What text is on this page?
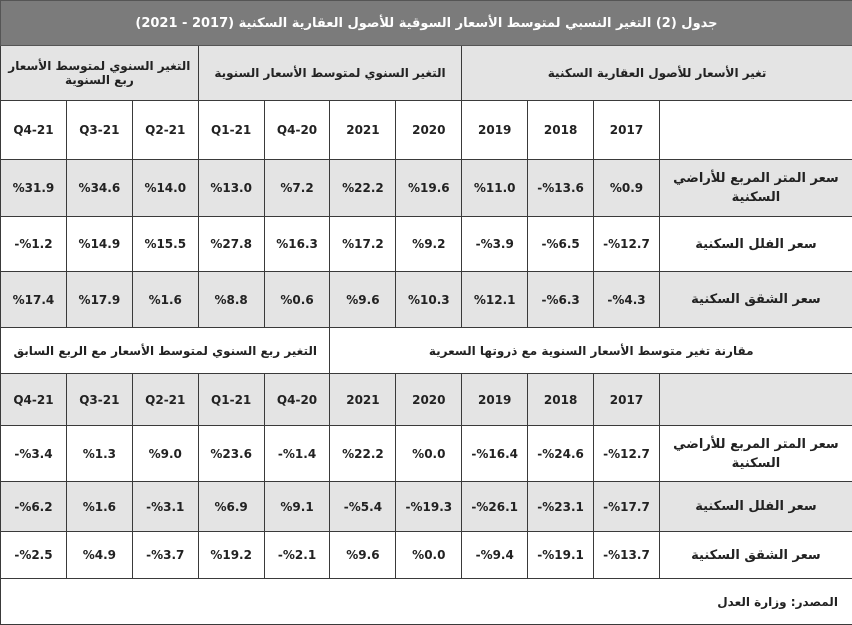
جدول (2) التغير النسبي لمتوسط الأسعار السوقية للأصول العقارية السكنية (2017 - 2021)										
تغير الأسعار للأصول العقارية السكنية				التغير السنوي لمتوسط الأسعار السنوية				التغير السنوي لمتوسط الأسعار ربع السنوية		
	2017	2018	2019	2020	2021	20-Q4	21-Q1	21-Q2	21-Q3	21-Q4
سعر المتر المربع للأراضي السكنية	%0.9	%13.6-	%11.0	%19.6	%22.2	%7.2	%13.0	%14.0	%34.6	%31.9
سعر الفلل السكنية	%12.7-	%6.5-	%3.9-	%9.2	%17.2	%16.3	%27.8	%15.5	%14.9	%1.2-
سعر الشقق السكنية	%4.3-	%6.3-	%12.1	%10.3	%9.6	%0.6	%8.8	%1.6	%17.9	%17.4
مقارنة تغير متوسط الأسعار السنوية مع ذروتها السعرية						التغير ربع السنوي لمتوسط الأسعار مع الربع السابق				
	2017	2018	2019	2020	2021	20-Q4	21-Q1	21-Q2	21-Q3	21-Q4
سعر المتر المربع للأراضي السكنية	%12.7-	%24.6-	%16.4-	%0.0	%22.2	%1.4-	%23.6	%9.0	%1.3	%3.4-
سعر الفلل السكنية	%17.7-	%23.1-	%26.1-	%19.3-	%5.4-	%9.1	%6.9	%3.1-	%1.6	%6.2-
سعر الشقق السكنية	%13.7-	%19.1-	%9.4-	%0.0	%9.6	%2.1-	%19.2	%3.7-	%4.9	%2.5-
المصدر: وزارة العدل										
